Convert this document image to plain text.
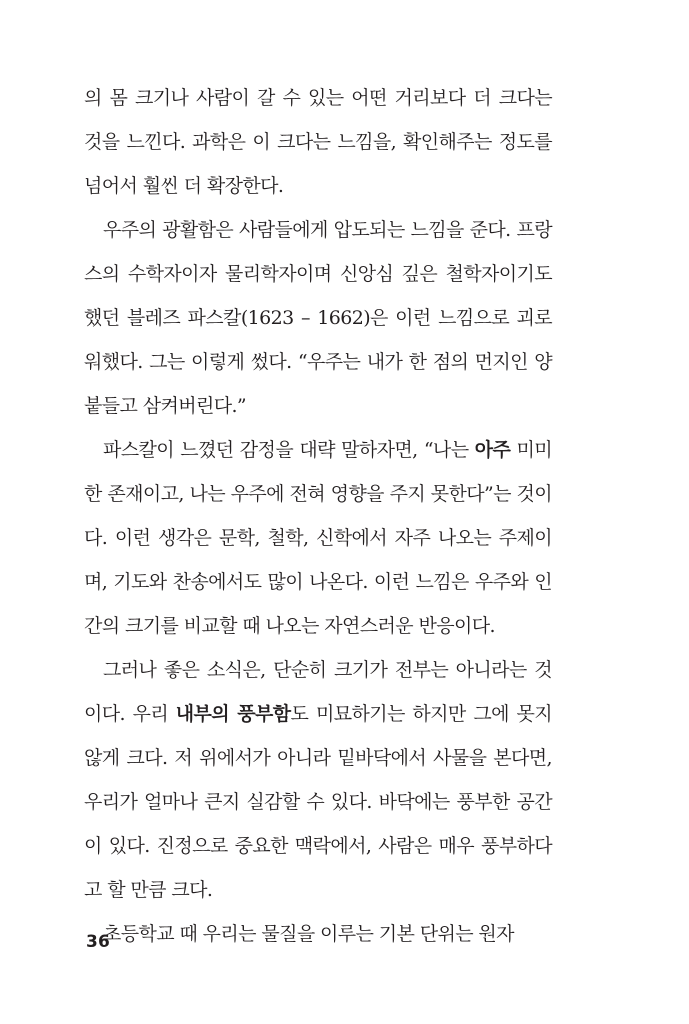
의 몸 크기나 사람이 갈 수 있는 어떤 거리보다 더 크다는 것을 느낀다. 과학은 이 크다는 느낌을, 확인해주는 정도를 넘어서 훨씬 더 확장한다.

우주의 광활함은 사람들에게 압도되는 느낌을 준다. 프랑스의 수학자이자 물리학자이며 신앙심 깊은 철학자이기도 했던 블레즈 파스칼(1623 – 1662)은 이런 느낌으로 괴로워했다. 그는 이렇게 썼다. “우주는 내가 한 점의 먼지인 양 붙들고 삼켜버린다.”

파스칼이 느꼈던 감정을 대략 말하자면, “나는 아주 미미한 존재이고, 나는 우주에 전혀 영향을 주지 못한다”는 것이다. 이런 생각은 문학, 철학, 신학에서 자주 나오는 주제이며, 기도와 찬송에서도 많이 나온다. 이런 느낌은 우주와 인간의 크기를 비교할 때 나오는 자연스러운 반응이다.

그러나 좋은 소식은, 단순히 크기가 전부는 아니라는 것이다. 우리 내부의 풍부함도 미묘하기는 하지만 그에 못지않게 크다. 저 위에서가 아니라 밑바닥에서 사물을 본다면, 우리가 얼마나 큰지 실감할 수 있다. 바닥에는 풍부한 공간이 있다. 진정으로 중요한 맥락에서, 사람은 매우 풍부하다고 할 만큼 크다.

초등학교 때 우리는 물질을 이루는 기본 단위는 원자

36
